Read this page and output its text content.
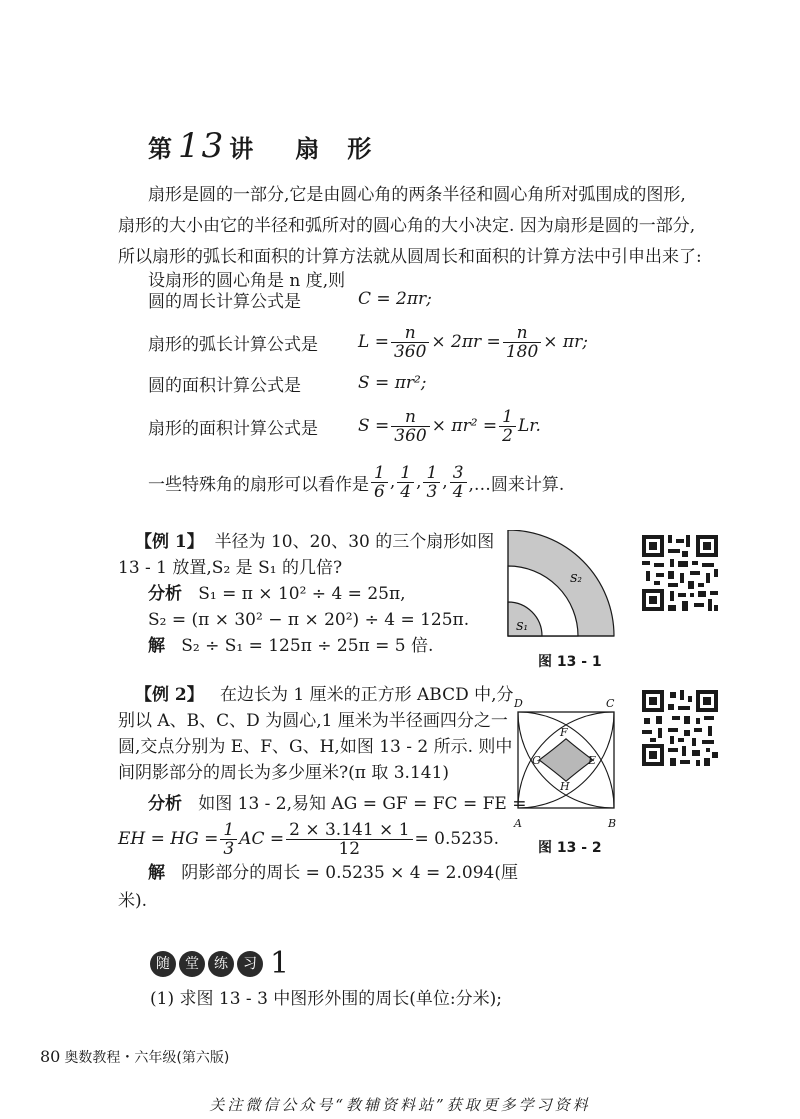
第 13 讲 扇　形
扇形是圆的一部分,它是由圆心角的两条半径和圆心角所对弧围成的图形,
扇形的大小由它的半径和弧所对的圆心角的大小决定. 因为扇形是圆的一部分,
所以扇形的弧长和面积的计算方法就从圆周长和面积的计算方法中引申出来了:
设扇形的圆心角是 n 度,则
圆的周长计算公式是	C = 2πr;
扇形的弧长计算公式是	$L = \frac{n}{360} \times 2\pi r = \frac{n}{180} \times \pi r$;
圆的面积计算公式是	S = πr²;
扇形的面积计算公式是	$S = \frac{n}{360} \times \pi r^2 = \frac{1}{2} Lr$.
一些特殊角的扇形可以看作是 $\frac{1}{6}$ , $\frac{1}{4}$ , $\frac{1}{3}$ , $\frac{3}{4}$ ,…圆来计算.
【例 1】 半径为 10、20、30 的三个扇形如图
13 - 1 放置,S₂ 是 S₁ 的几倍?
分析 S₁ = π × 10² ÷ 4 = 25π,
S₂ = (π × 30² − π × 20²) ÷ 4 = 125π.
解 S₂ ÷ S₁ = 125π ÷ 25π = 5 倍.
S₁
S₂
图 13 - 1
【例 2】 在边长为 1 厘米的正方形 ABCD 中,分
别以 A、B、C、D 为圆心,1 厘米为半径画四分之一
圆,交点分别为 E、F、G、H,如图 13 - 2 所示. 则中
间阴影部分的周长为多少厘米?(π 取 3.141)
分析 如图 13 - 2,易知 AG = GF = FC = FE =
EH = HG = $\frac{1}{3}$ AC = $\frac{2 \times 3.141 \times 1}{12} = 0.5235$.
解 阴影部分的周长 = 0.5235 × 4 = 2.094(厘
米).
A	B
C
D
E
F
G
H
图 13 - 2
随	堂	练	习 1
(1) 求图 13 - 3 中图形外围的周长(单位:分米);
80 奥数教程・六年级(第六版)
关注微信公众号“教辅资料站”获取更多学习资料
